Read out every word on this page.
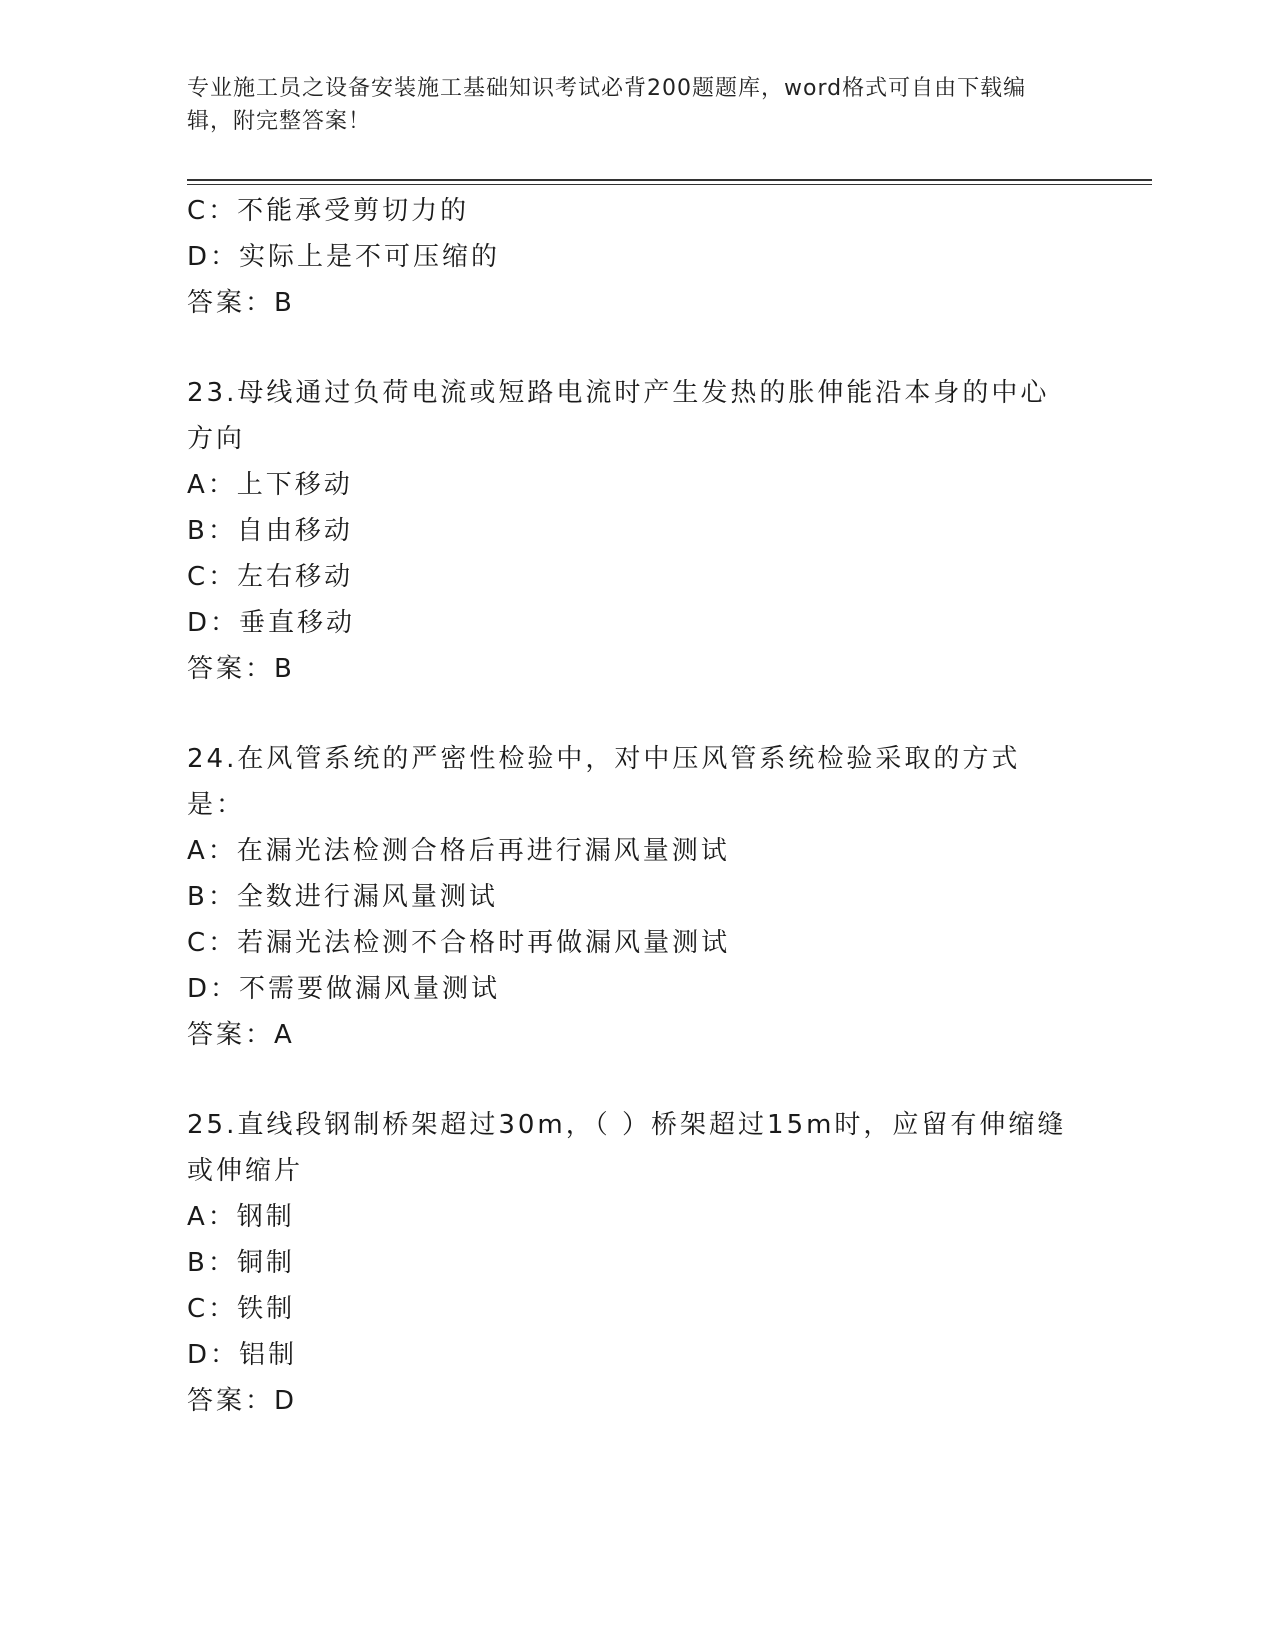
专业施工员之设备安装施工基础知识考试必背200题题库，word格式可自由下载编辑，附完整答案！
C：不能承受剪切力的
D：实际上是不可压缩的
答案：B
23.母线通过负荷电流或短路电流时产生发热的胀伸能沿本身的中心方向
A：上下移动
B：自由移动
C：左右移动
D：垂直移动
答案：B
24.在风管系统的严密性检验中，对中压风管系统检验采取的方式是：
A：在漏光法检测合格后再进行漏风量测试
B：全数进行漏风量测试
C：若漏光法检测不合格时再做漏风量测试
D：不需要做漏风量测试
答案：A
25.直线段钢制桥架超过30m，（ ）桥架超过15m时，应留有伸缩缝或伸缩片
A：钢制
B：铜制
C：铁制
D：铝制
答案：D
